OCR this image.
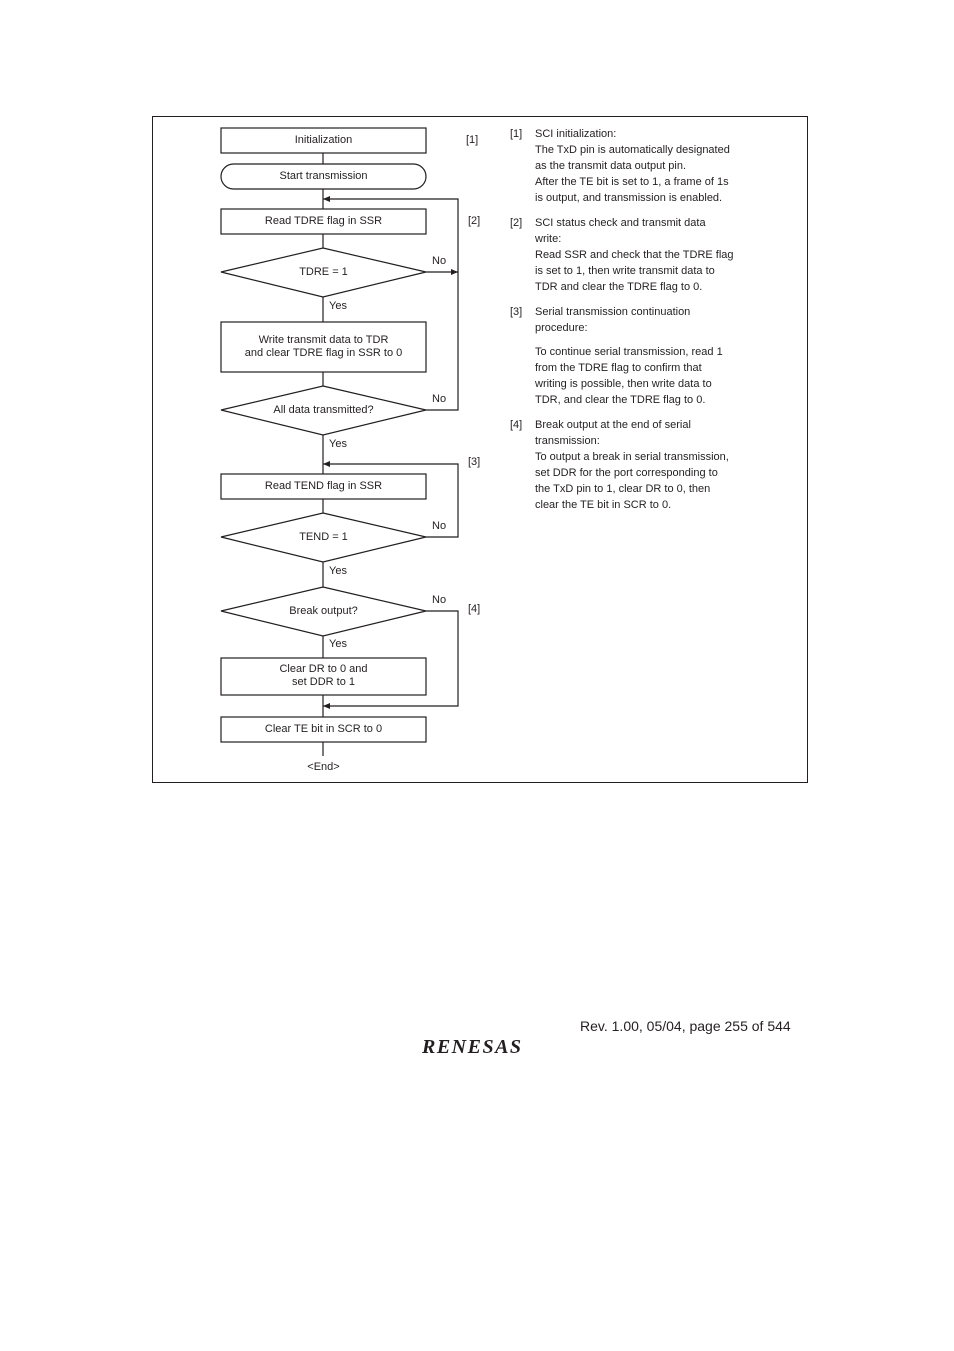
Initialization
Start transmission
Read TDRE flag in SSR
TDRE = 1
Write transmit data to TDR
and clear TDRE flag in SSR to 0
All data transmitted?
Read TEND flag in SSR
TEND = 1
Break output?
Clear DR to 0 and
set DDR to 1
Clear TE bit in SCR to 0
<End>
Yes
Yes
Yes
Yes
No
No
No
No
[1]
[2]
[3]
[4]
[1] SCI initialization:
The TxD pin is automatically designated
as the transmit data output pin.
After the TE bit is set to 1, a frame of 1s
is output, and transmission is enabled.
[2] SCI status check and transmit data
write:
Read SSR and check that the TDRE flag
is set to 1, then write transmit data to
TDR and clear the TDRE flag to 0.
[3] Serial transmission continuation
procedure:
To continue serial transmission, read 1
from the TDRE flag to confirm that
writing is possible, then write data to
TDR, and clear the TDRE flag to 0.
[4] Break output at the end of serial
transmission:
To output a break in serial transmission,
set DDR for the port corresponding to
the TxD pin to 1, clear DR to 0, then
clear the TE bit in SCR to 0.
Rev. 1.00, 05/04, page 255 of 544
RENESAS
